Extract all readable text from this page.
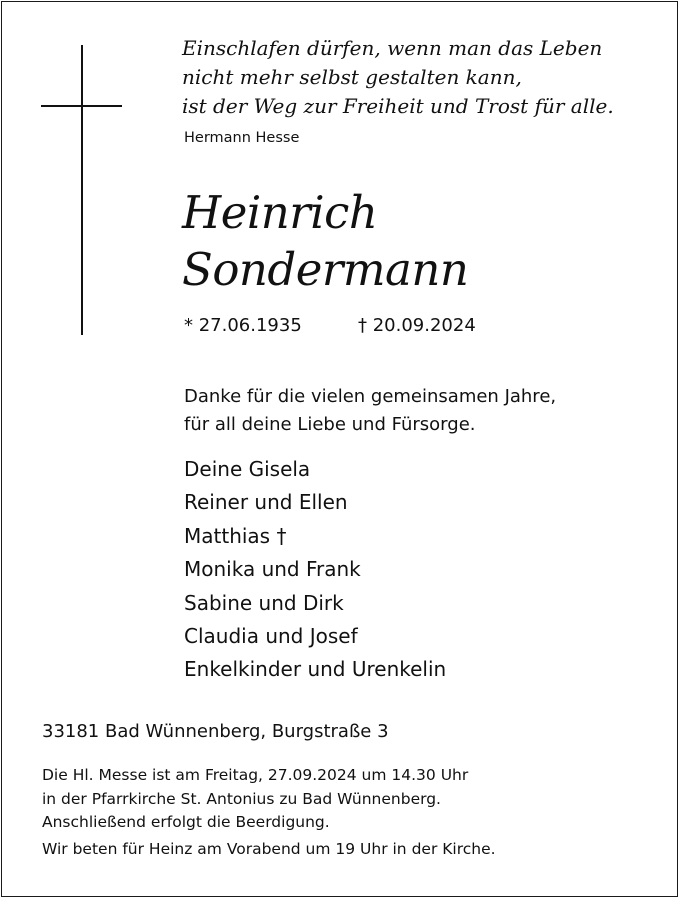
Einschlafen dürfen, wenn man das Leben
nicht mehr selbst gestalten kann,
ist der Weg zur Freiheit und Trost für alle.
Hermann Hesse
Heinrich
Sondermann
* 27.06.1935	† 20.09.2024
Danke für die vielen gemeinsamen Jahre,
für all deine Liebe und Fürsorge.
Deine Gisela
Reiner und Ellen
Matthias †
Monika und Frank
Sabine und Dirk
Claudia und Josef
Enkelkinder und Urenkelin
33181 Bad Wünnenberg, Burgstraße 3
Die Hl. Messe ist am Freitag, 27.09.2024 um 14.30 Uhr
in der Pfarrkirche St. Antonius zu Bad Wünnenberg.
Anschließend erfolgt die Beerdigung.
Wir beten für Heinz am Vorabend um 19 Uhr in der Kirche.
